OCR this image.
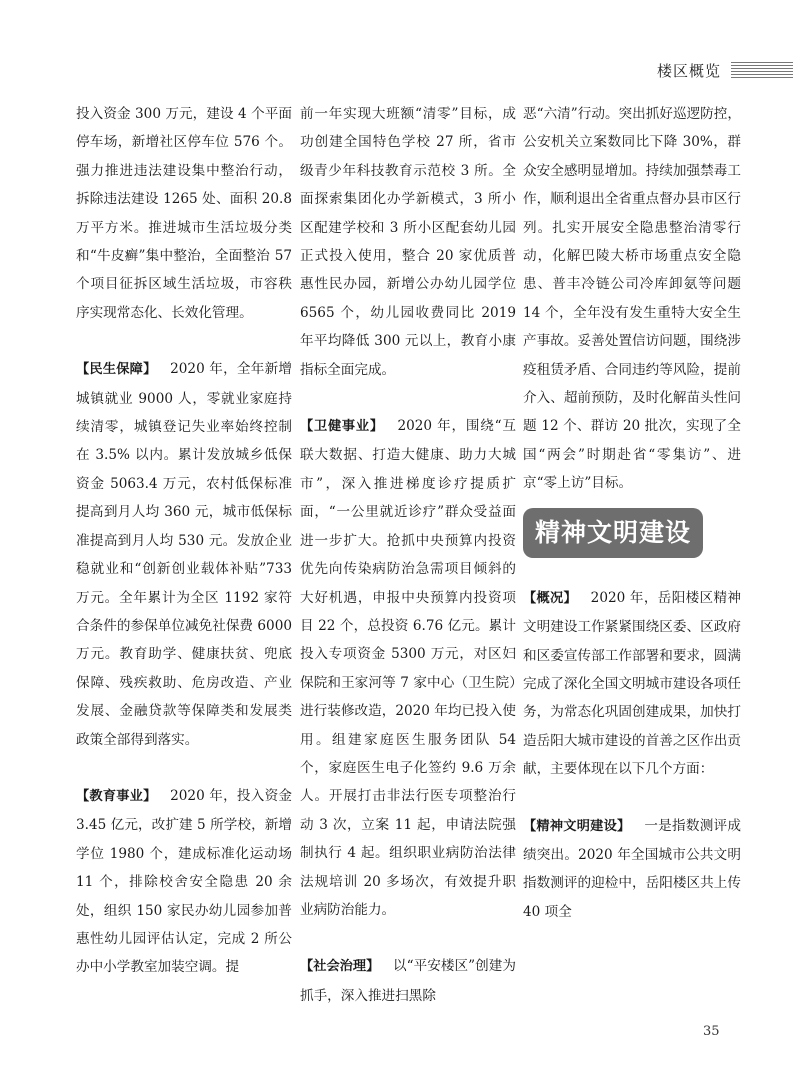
楼区概览

投入资金 300 万元，建设 4 个平面停车场，新增社区停车位 576 个。强力推进违法建设集中整治行动，拆除违法建设 1265 处、面积 20.8 万平方米。推进城市生活垃圾分类和“牛皮癣”集中整治，全面整治 57 个项目征拆区域生活垃圾，市容秩序实现常态化、长效化管理。

【民生保障】  2020 年，全年新增城镇就业 9000 人，零就业家庭持续清零，城镇登记失业率始终控制在 3.5% 以内。累计发放城乡低保资金 5063.4 万元，农村低保标准提高到月人均 360 元，城市低保标准提高到月人均 530 元。发放企业稳就业和“创新创业载体补贴”733 万元。全年累计为全区 1192 家符合条件的参保单位减免社保费 6000 万元。教育助学、健康扶贫、兜底保障、残疾救助、危房改造、产业发展、金融贷款等保障类和发展类政策全部得到落实。

【教育事业】  2020 年，投入资金 3.45 亿元，改扩建 5 所学校，新增学位 1980 个，建成标准化运动场 11 个，排除校舍安全隐患 20 余处，组织 150 家民办幼儿园参加普惠性幼儿园评估认定，完成 2 所公办中小学教室加装空调。提

前一年实现大班额“清零”目标，成功创建全国特色学校 27 所，省市级青少年科技教育示范校 3 所。全面探索集团化办学新模式，3 所小区配建学校和 3 所小区配套幼儿园正式投入使用，整合 20 家优质普惠性民办园，新增公办幼儿园学位 6565 个，幼儿园收费同比 2019 年平均降低 300 元以上，教育小康指标全面完成。

【卫健事业】  2020 年，围绕“互联大数据、打造大健康、助力大城市”，深入推进梯度诊疗提质扩面，“一公里就近诊疗”群众受益面进一步扩大。抢抓中央预算内投资优先向传染病防治急需项目倾斜的大好机遇，申报中央预算内投资项目 22 个，总投资 6.76 亿元。累计投入专项资金 5300 万元，对区妇保院和王家河等 7 家中心（卫生院）进行装修改造，2020 年均已投入使用。组建家庭医生服务团队 54 个，家庭医生电子化签约 9.6 万余人。开展打击非法行医专项整治行动 3 次，立案 11 起，申请法院强制执行 4 起。组织职业病防治法律法规培训 20 多场次，有效提升职业病防治能力。

【社会治理】  以“平安楼区”创建为抓手，深入推进扫黑除

恶“六清”行动。突出抓好巡逻防控，公安机关立案数同比下降 30%，群众安全感明显增加。持续加强禁毒工作，顺利退出全省重点督办县市区行列。扎实开展安全隐患整治清零行动，化解巴陵大桥市场重点安全隐患、普丰冷链公司冷库卸氨等问题 14 个，全年没有发生重特大安全生产事故。妥善处置信访问题，围绕涉疫租赁矛盾、合同违约等风险，提前介入、超前预防，及时化解苗头性问题 12 个、群访 20 批次，实现了全国“两会”时期赴省“零集访”、进京“零上访”目标。

精神文明建设

【概况】  2020 年，岳阳楼区精神文明建设工作紧紧围绕区委、区政府和区委宣传部工作部署和要求，圆满完成了深化全国文明城市建设各项任务，为常态化巩固创建成果，加快打造岳阳大城市建设的首善之区作出贡献，主要体现在以下几个方面：

【精神文明建设】  一是指数测评成绩突出。2020 年全国城市公共文明指数测评的迎检中，岳阳楼区共上传 40 项全

35
